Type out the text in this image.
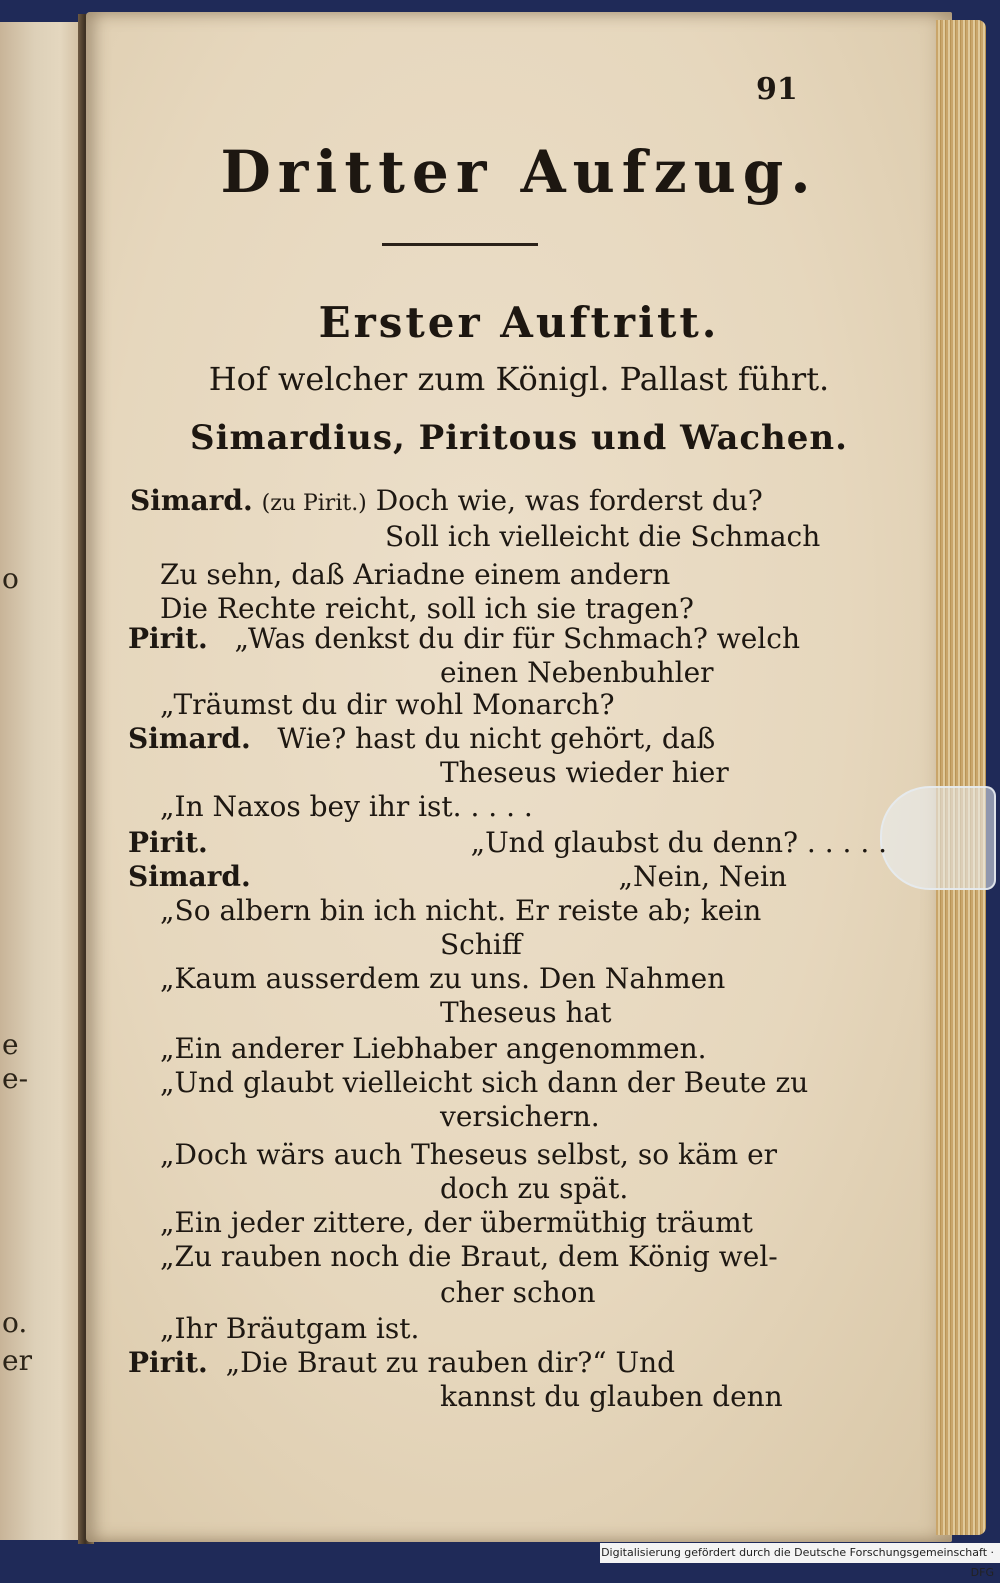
o
e
e-
o.
er
91
Dritter Aufzug.
Erster Auftritt.
Hof welcher zum Königl. Pallast führt.
Simardius, Piritous und Wachen.
Simard. (zu Pirit.) Doch wie, was forderst du?
Soll ich vielleicht die Schmach
Zu sehn, daß Ariadne einem andern
Die Rechte reicht, soll ich sie tragen?
Pirit. „Was denkst du dir für Schmach? welch
einen Nebenbuhler
„Träumst du dir wohl Monarch?
Simard. Wie? hast du nicht gehört, daß
Theseus wieder hier
„In Naxos bey ihr ist. . . . .
Pirit.	„Und glaubst du denn? . . . . .
Simard.	„Nein, Nein
„So albern bin ich nicht. Er reiste ab; kein
Schiff
„Kaum ausserdem zu uns. Den Nahmen
Theseus hat
„Ein anderer Liebhaber angenommen.
„Und glaubt vielleicht sich dann der Beute zu
versichern.
„Doch wärs auch Theseus selbst, so käm er
doch zu spät.
„Ein jeder zittere, der übermüthig träumt
„Zu rauben noch die Braut, dem König wel-
cher schon
„Ihr Bräutgam ist.
Pirit. „Die Braut zu rauben dir?“ Und
kannst du glauben denn
Digitalisierung gefördert durch die Deutsche Forschungsgemeinschaft · DFG
